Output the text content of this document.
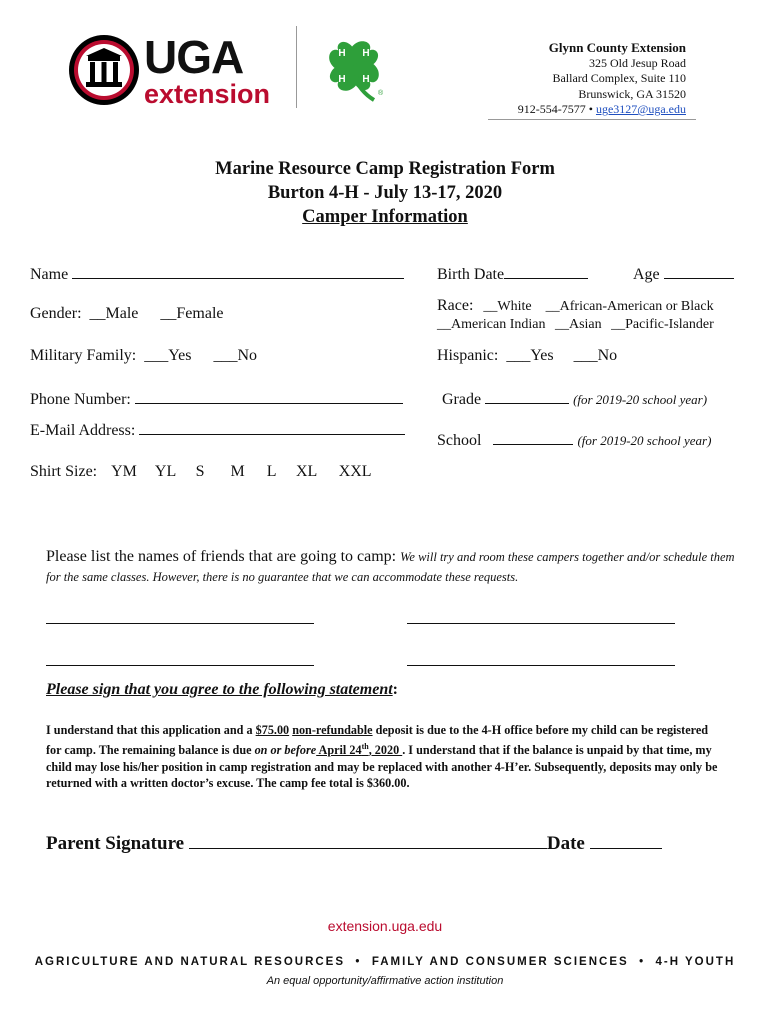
UGA
extension
H H
H H
®
Glynn County Extension
325 Old Jesup Road
Ballard Complex, Suite 110
Brunswick, GA 31520
912-554-7577 • uge3127@uga.edu
Marine Resource Camp Registration Form
Burton 4-H - July 13-17, 2020
Camper Information
Name	Birth Date	Age
Gender: __Male __Female	Race: __White __African-American or Black
__American Indian __Asian __Pacific-Islander
Military Family: ___Yes ___No	Hispanic: ___Yes ___No
Phone Number:	Grade	(for 2019-20 school year)
E-Mail Address:
School	(for 2019-20 school year)
Shirt Size: YM YL S M L XL XXL
Please list the names of friends that are going to camp: We will try and room these campers together and/or schedule them for the same classes. However, there is no guarantee that we can accommodate these requests.
Please sign that you agree to the following statement:
I understand that this application and a $75.00 non-refundable deposit is due to the 4-H office before my child can be registered for camp. The remaining balance is due on or before April 24th, 2020 . I understand that if the balance is unpaid by that time, my child may lose his/her position in camp registration and may be replaced with another 4-H’er. Subsequently, deposits may only be returned with a written doctor’s excuse. The camp fee total is $360.00.
Parent Signature	Date
extension.uga.edu
AGRICULTURE AND NATURAL RESOURCES  •  FAMILY AND CONSUMER SCIENCES  •  4-H YOUTH
An equal opportunity/affirmative action institution
